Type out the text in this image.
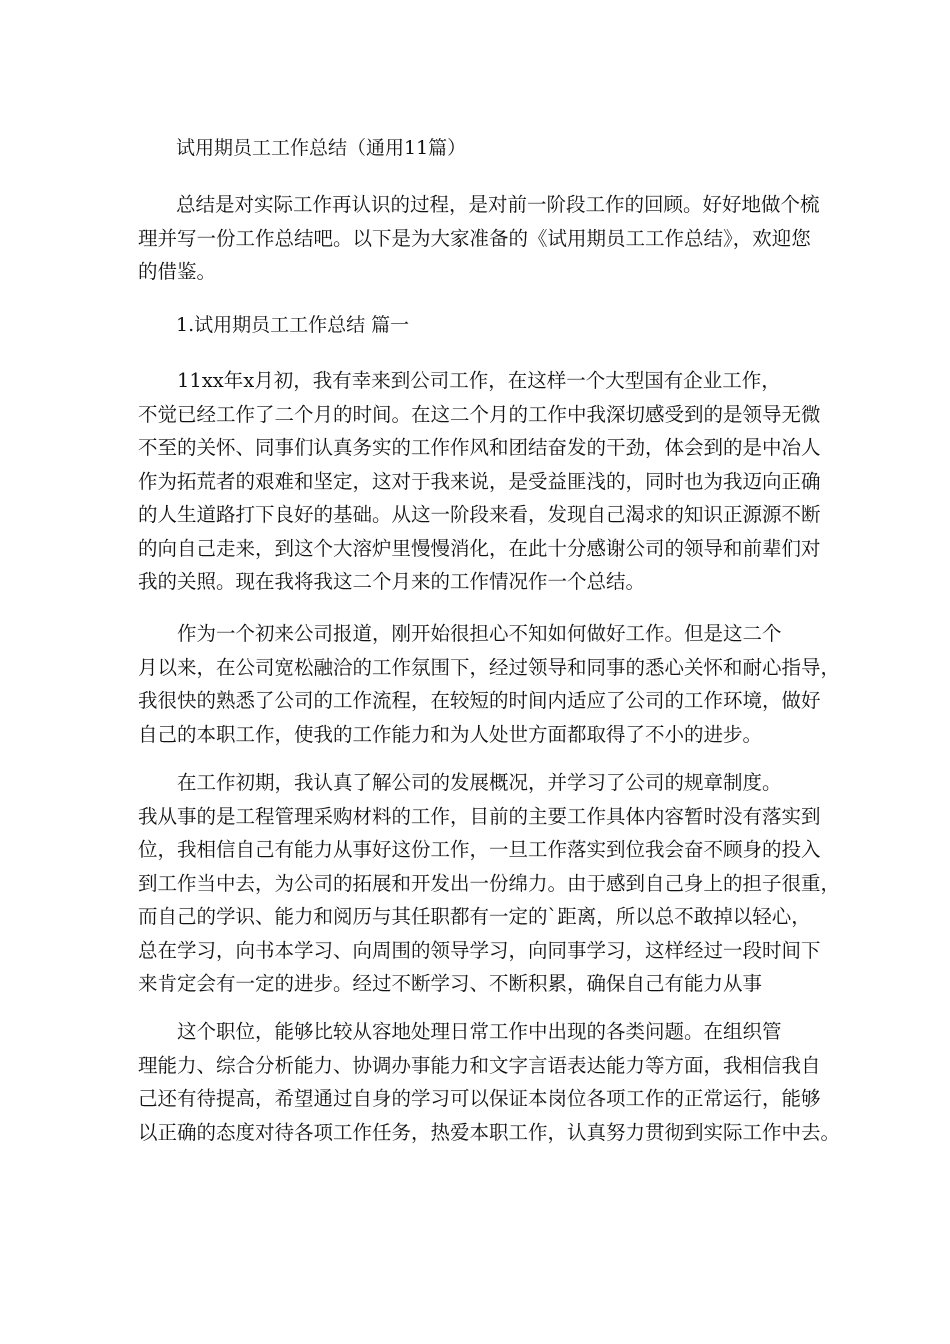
试用期员工工作总结（通用11篇）
总结是对实际工作再认识的过程，是对前一阶段工作的回顾。好好地做个梳
理并写一份工作总结吧。以下是为大家准备的《试用期员工工作总结》，欢迎您
的借鉴。
1.试用期员工工作总结 篇一
　　11xx年x月初，我有幸来到公司工作，在这样一个大型国有企业工作，
不觉已经工作了二个月的时间。在这二个月的工作中我深切感受到的是领导无微
不至的关怀、同事们认真务实的工作作风和团结奋发的干劲，体会到的是中冶人
作为拓荒者的艰难和坚定，这对于我来说，是受益匪浅的，同时也为我迈向正确
的人生道路打下良好的基础。从这一阶段来看，发现自己渴求的知识正源源不断
的向自己走来，到这个大溶炉里慢慢消化，在此十分感谢公司的领导和前辈们对
我的关照。现在我将我这二个月来的工作情况作一个总结。
　　作为一个初来公司报道，刚开始很担心不知如何做好工作。但是这二个
月以来，在公司宽松融洽的工作氛围下，经过领导和同事的悉心关怀和耐心指导，
我很快的熟悉了公司的工作流程，在较短的时间内适应了公司的工作环境，做好
自己的本职工作，使我的工作能力和为人处世方面都取得了不小的进步。
　　在工作初期，我认真了解公司的发展概况，并学习了公司的规章制度。
我从事的是工程管理采购材料的工作，目前的主要工作具体内容暂时没有落实到
位，我相信自己有能力从事好这份工作，一旦工作落实到位我会奋不顾身的投入
到工作当中去，为公司的拓展和开发出一份绵力。由于感到自己身上的担子很重，
而自己的学识、能力和阅历与其任职都有一定的`距离，所以总不敢掉以轻心，
总在学习，向书本学习、向周围的领导学习，向同事学习，这样经过一段时间下
来肯定会有一定的进步。经过不断学习、不断积累，确保自己有能力从事
　　这个职位，能够比较从容地处理日常工作中出现的各类问题。在组织管
理能力、综合分析能力、协调办事能力和文字言语表达能力等方面，我相信我自
己还有待提高，希望通过自身的学习可以保证本岗位各项工作的正常运行，能够
以正确的态度对待各项工作任务，热爱本职工作，认真努力贯彻到实际工作中去。
